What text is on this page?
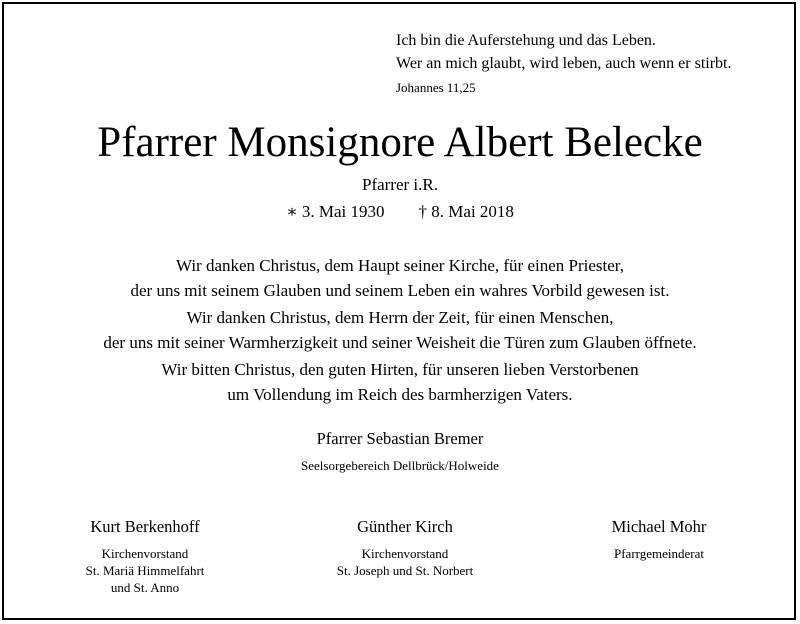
Ich bin die Auferstehung und das Leben.
Wer an mich glaubt, wird leben, auch wenn er stirbt.
Johannes 11,25
Pfarrer Monsignore Albert Belecke
Pfarrer i.R.
∗ 3. Mai 1930 † 8. Mai 2018
Wir danken Christus, dem Haupt seiner Kirche, für einen Priester,
der uns mit seinem Glauben und seinem Leben ein wahres Vorbild gewesen ist.
Wir danken Christus, dem Herrn der Zeit, für einen Menschen,
der uns mit seiner Warmherzigkeit und seiner Weisheit die Türen zum Glauben öffnete.
Wir bitten Christus, den guten Hirten, für unseren lieben Verstorbenen
um Vollendung im Reich des barmherzigen Vaters.
Pfarrer Sebastian Bremer
Seelsorgebereich Dellbrück/Holweide
Kurt Berkenhoff
Kirchenvorstand
St. Mariä Himmelfahrt
und St. Anno
Günther Kirch
Kirchenvorstand
St. Joseph und St. Norbert
Michael Mohr
Pfarrgemeinderat
